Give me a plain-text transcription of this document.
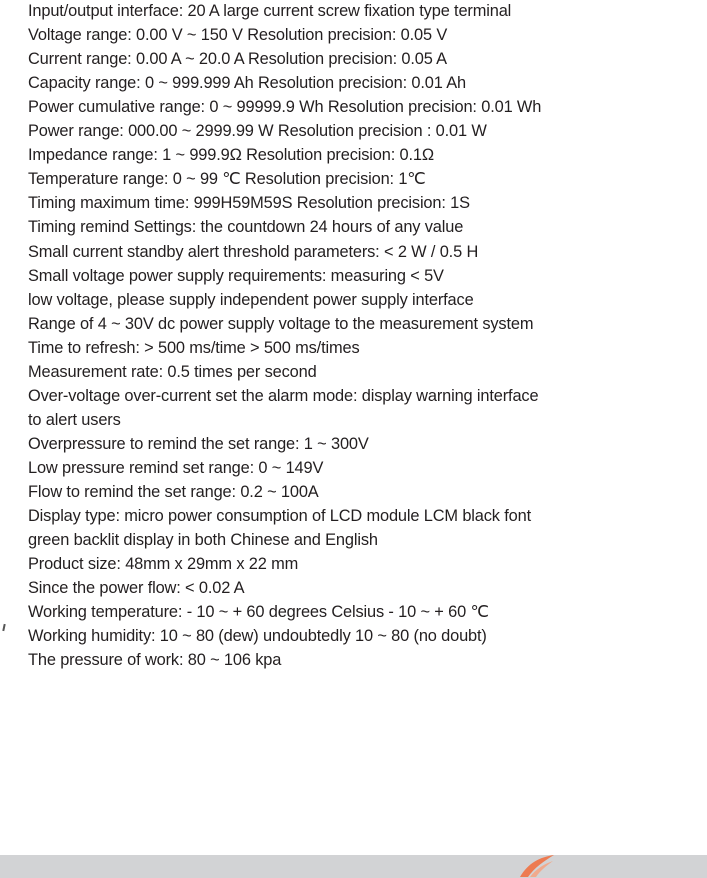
Input/output interface: 20 A large current screw fixation type terminal
Voltage range: 0.00 V ~ 150 V Resolution precision: 0.05 V
Current range: 0.00 A ~ 20.0 A Resolution precision: 0.05 A
Capacity range: 0 ~ 999.999 Ah Resolution precision: 0.01 Ah
Power cumulative range: 0 ~ 99999.9 Wh Resolution precision: 0.01 Wh
Power range: 000.00 ~ 2999.99 W Resolution precision : 0.01 W
Impedance range: 1 ~ 999.9Ω Resolution precision: 0.1Ω
Temperature range: 0 ~ 99 ℃ Resolution precision: 1℃
Timing maximum time: 999H59M59S Resolution precision: 1S
Timing remind Settings: the countdown 24 hours of any value
Small current standby alert threshold parameters: < 2 W / 0.5 H
Small voltage power supply requirements: measuring < 5V
low voltage, please supply independent power supply interface
Range of 4 ~ 30V dc power supply voltage to the measurement system
Time to refresh: > 500 ms/time > 500 ms/times
Measurement rate: 0.5 times per second
Over-voltage over-current set the alarm mode: display warning interface
to alert users
Overpressure to remind the set range: 1 ~ 300V
Low pressure remind set range: 0 ~ 149V
Flow to remind the set range: 0.2 ~ 100A
Display type: micro power consumption of LCD module LCM black font
green backlit display in both Chinese and English
Product size: 48mm x 29mm x 22 mm
Since the power flow: < 0.02 A
Working temperature: - 10 ~ + 60 degrees Celsius - 10 ~ + 60 ℃
Working humidity: 10 ~ 80 (dew) undoubtedly 10 ~ 80 (no doubt)
The pressure of work: 80 ~ 106 kpa
